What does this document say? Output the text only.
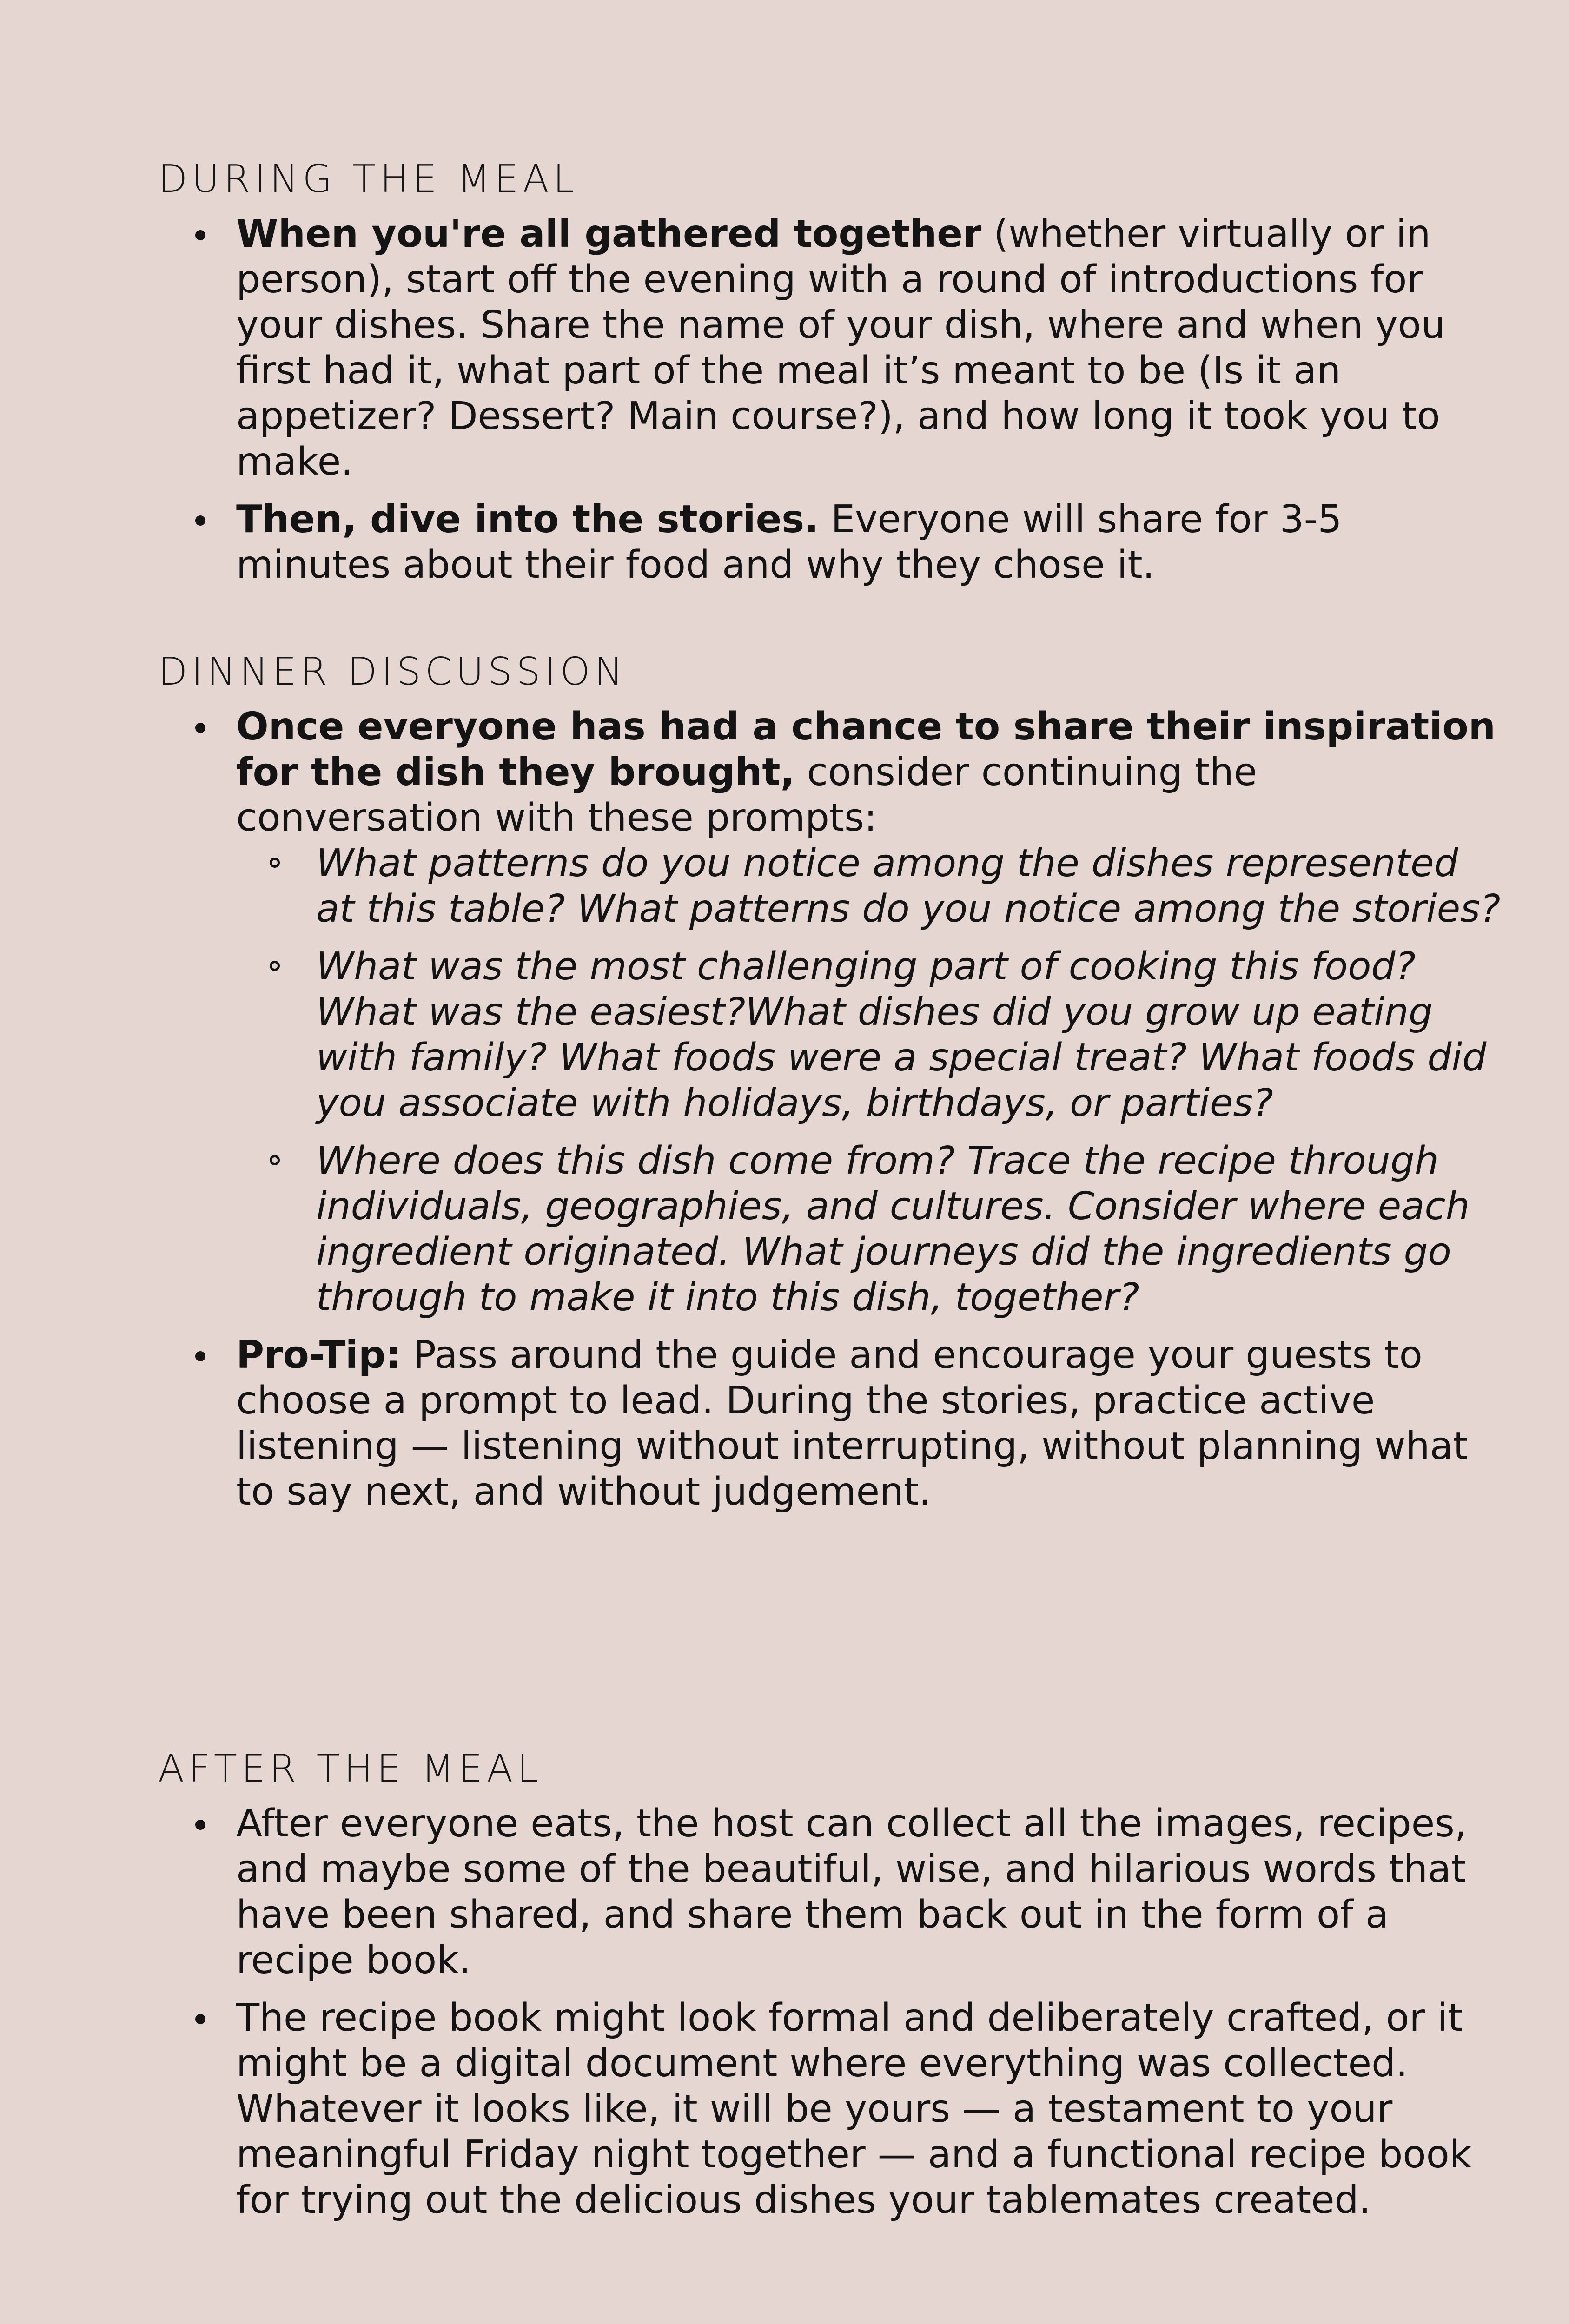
DURING THE MEAL
When you're all gathered together (whether virtually or in person), start off the evening with a round of introductions for your dishes. Share the name of your dish, where and when you first had it, what part of the meal it’s meant to be (Is it an appetizer? Dessert? Main course?), and how long it took you to make.
Then, dive into the stories. Everyone will share for 3-5 minutes about their food and why they chose it.
DINNER DISCUSSION
Once everyone has had a chance to share their inspiration for the dish they brought, consider continuing the conversation with these prompts:
What patterns do you notice among the dishes represented at this table? What patterns do you notice among the stories?
What was the most challenging part of cooking this food? What was the easiest?What dishes did you grow up eating with family? What foods were a special treat? What foods did you associate with holidays, birthdays, or parties?
Where does this dish come from? Trace the recipe through individuals, geographies, and cultures. Consider where each ingredient originated. What journeys did the ingredients go through to make it into this dish, together?
Pro-Tip: Pass around the guide and encourage your guests to choose a prompt to lead. During the stories, practice active listening — listening without interrupting, without planning what to say next, and without judgement.
AFTER THE MEAL
After everyone eats, the host can collect all the images, recipes, and maybe some of the beautiful, wise, and hilarious words that have been shared, and share them back out in the form of a recipe book.
The recipe book might look formal and deliberately crafted, or it might be a digital document where everything was collected. Whatever it looks like, it will be yours — a testament to your meaningful Friday night together — and a functional recipe book for trying out the delicious dishes your tablemates created.
